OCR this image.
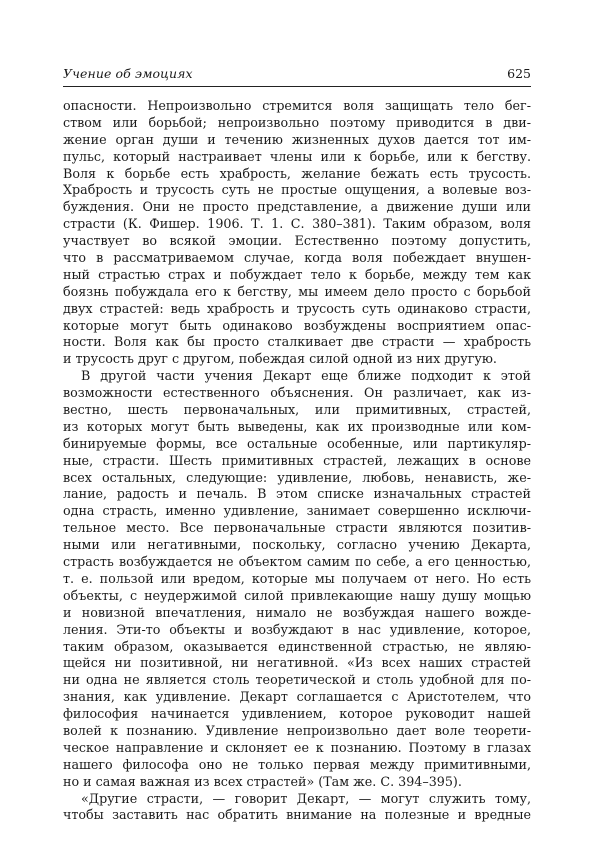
Учение об эмоциях	625
опасности. Непроизвольно стремится воля защищать тело бег-
ством или борьбой; непроизвольно поэтому приводится в дви-
жение орган души и течению жизненных духов дается тот им-
пульс, который настраивает члены или к борьбе, или к бегству.
Воля к борьбе есть храбрость, желание бежать есть трусость.
Храбрость и трусость суть не простые ощущения, а волевые воз-
буждения. Они не просто представление, а движение души или
страсти (К. Фишер. 1906. Т. 1. С. 380–381). Таким образом, воля
участвует во всякой эмоции. Естественно поэтому допустить,
что в рассматриваемом случае, когда воля побеждает внушен-
ный страстью страх и побуждает тело к борьбе, между тем как
боязнь побуждала его к бегству, мы имеем дело просто с борьбой
двух страстей: ведь храбрость и трусость суть одинаково страсти,
которые могут быть одинаково возбуждены восприятием опас-
ности. Воля как бы просто сталкивает две страсти — храбрость
и трусость друг с другом, побеждая силой одной из них другую.
В другой части учения Декарт еще ближе подходит к этой
возможности естественного объяснения. Он различает, как из-
вестно, шесть первоначальных, или примитивных, страстей,
из которых могут быть выведены, как их производные или ком-
бинируемые формы, все остальные особенные, или партикуляр-
ные, страсти. Шесть примитивных страстей, лежащих в основе
всех остальных, следующие: удивление, любовь, ненависть, же-
лание, радость и печаль. В этом списке изначальных страстей
одна страсть, именно удивление, занимает совершенно исключи-
тельное место. Все первоначальные страсти являются позитив-
ными или негативными, поскольку, согласно учению Декарта,
страсть возбуждается не объектом самим по себе, а его ценностью,
т. е. пользой или вредом, которые мы получаем от него. Но есть
объекты, с неудержимой силой привлекающие нашу душу мощью
и новизной впечатления, нимало не возбуждая нашего вожде-
ления. Эти-то объекты и возбуждают в нас удивление, которое,
таким образом, оказывается единственной страстью, не являю-
щейся ни позитивной, ни негативной. «Из всех наших страстей
ни одна не является столь теоретической и столь удобной для по-
знания, как удивление. Декарт соглашается с Аристотелем, что
философия начинается удивлением, которое руководит нашей
волей к познанию. Удивление непроизвольно дает воле теорети-
ческое направление и склоняет ее к познанию. Поэтому в глазах
нашего философа оно не только первая между примитивными,
но и самая важная из всех страстей» (Там же. С. 394–395).
«Другие страсти, — говорит Декарт, — могут служить тому,
чтобы заставить нас обратить внимание на полезные и вредные
